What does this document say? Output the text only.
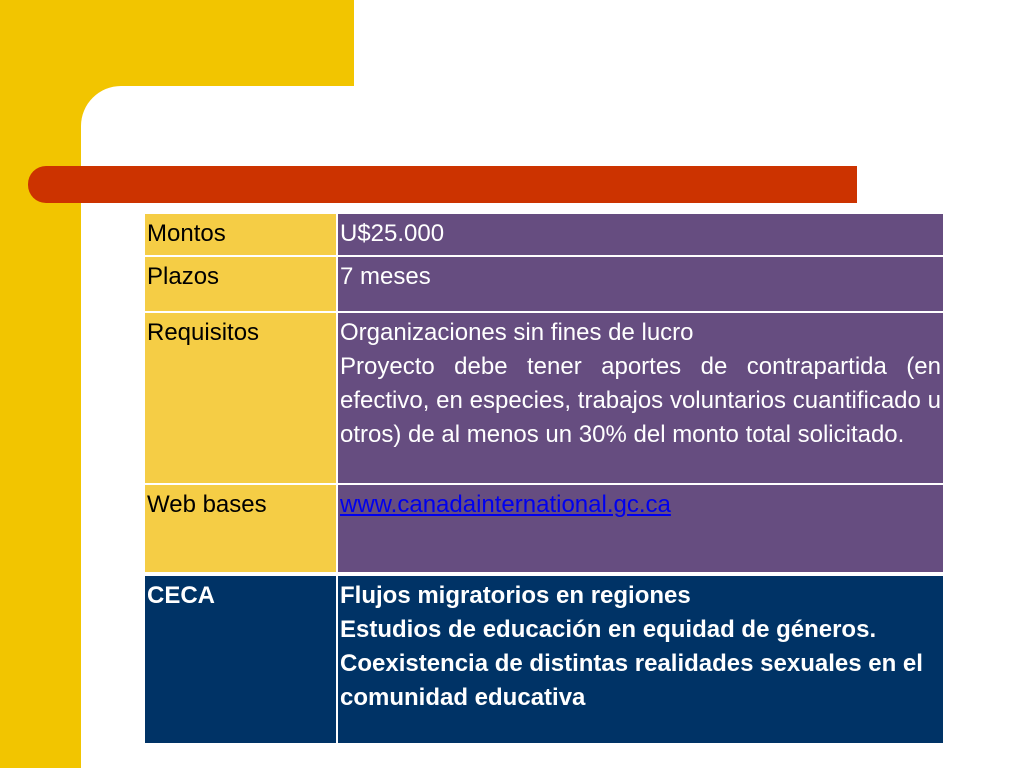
Montos	U$25.000

Plazos	7 meses

Requisitos	Organizaciones sin fines de lucro
Proyecto debe tener aportes de contrapartida (en efectivo, en especies, trabajos voluntarios cuantificado u otros) de al menos un 30% del monto total solicitado.

Web bases	www.canadainternational.gc.ca
CECA	Flujos migratorios en regiones
Estudios de educación en equidad de géneros.
Coexistencia de distintas realidades sexuales en el comunidad educativa
